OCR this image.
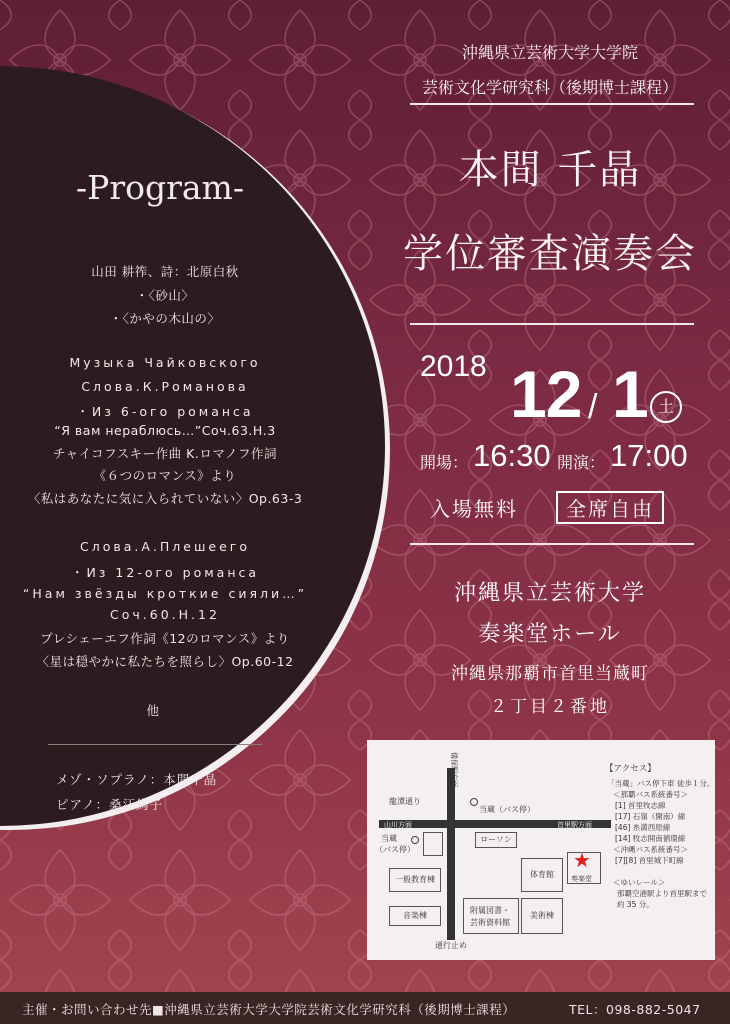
-Program-
山田 耕筰、詩：北原白秋
・〈砂山〉
・〈かやの木山の〉
Музыка Чайковского
Слова.К.Романова
・Из 6-ого романса
“Я вам нераблюсь…”Соч.63.Н.3
チャイコフスキー作曲 K.ロマノフ作詞
《６つのロマンス》より
〈私はあなたに気に入られていない〉Op.63-3
Слова.А.Плешеего
・Из 12-ого романса
“Нам звёзды кроткие сияли…”
Соч.60.Н.12
プレシェーエフ作詞《12のロマンス》より
〈星は穏やかに私たちを照らし〉Op.60-12
他
メゾ・ソプラノ：本間千晶
ピアノ：桑江絢子
沖縄県立芸術大学大学院
芸術文化学研究科（後期博士課程）
本間 千晶
学位審査演奏会
2018 12 / 1 土
開場： 16:30 開演： 17:00
入場無料	全席自由
沖縄県立芸術大学
奏楽堂ホール
沖縄県那覇市首里当蔵町
２丁目２番地
儀保駅方面
山川方面	首里駅方面
龍潭通り
当蔵（バス停）
当蔵
（バス停）
ローソン
一般教育棟
音楽棟
附属図書・
芸術資料館
体育館
美術棟
★
奏楽堂
通行止め
【アクセス】
「当蔵」バス停下車 徒歩１分。
＜那覇バス系統番号＞
[1] 首里牧志線
[17] 石嶺（開南）線
[46] 糸満西原線
[14] 牧志開南循環線
＜沖縄バス系統番号＞
[7][8] 首里城下町線
＜ゆいレール＞
那覇空港駅より首里駅まで
約 35 分。
主催・お問い合わせ先■沖縄県立芸術大学大学院芸術文化学研究科（後期博士課程）	TEL：098-882-5047
